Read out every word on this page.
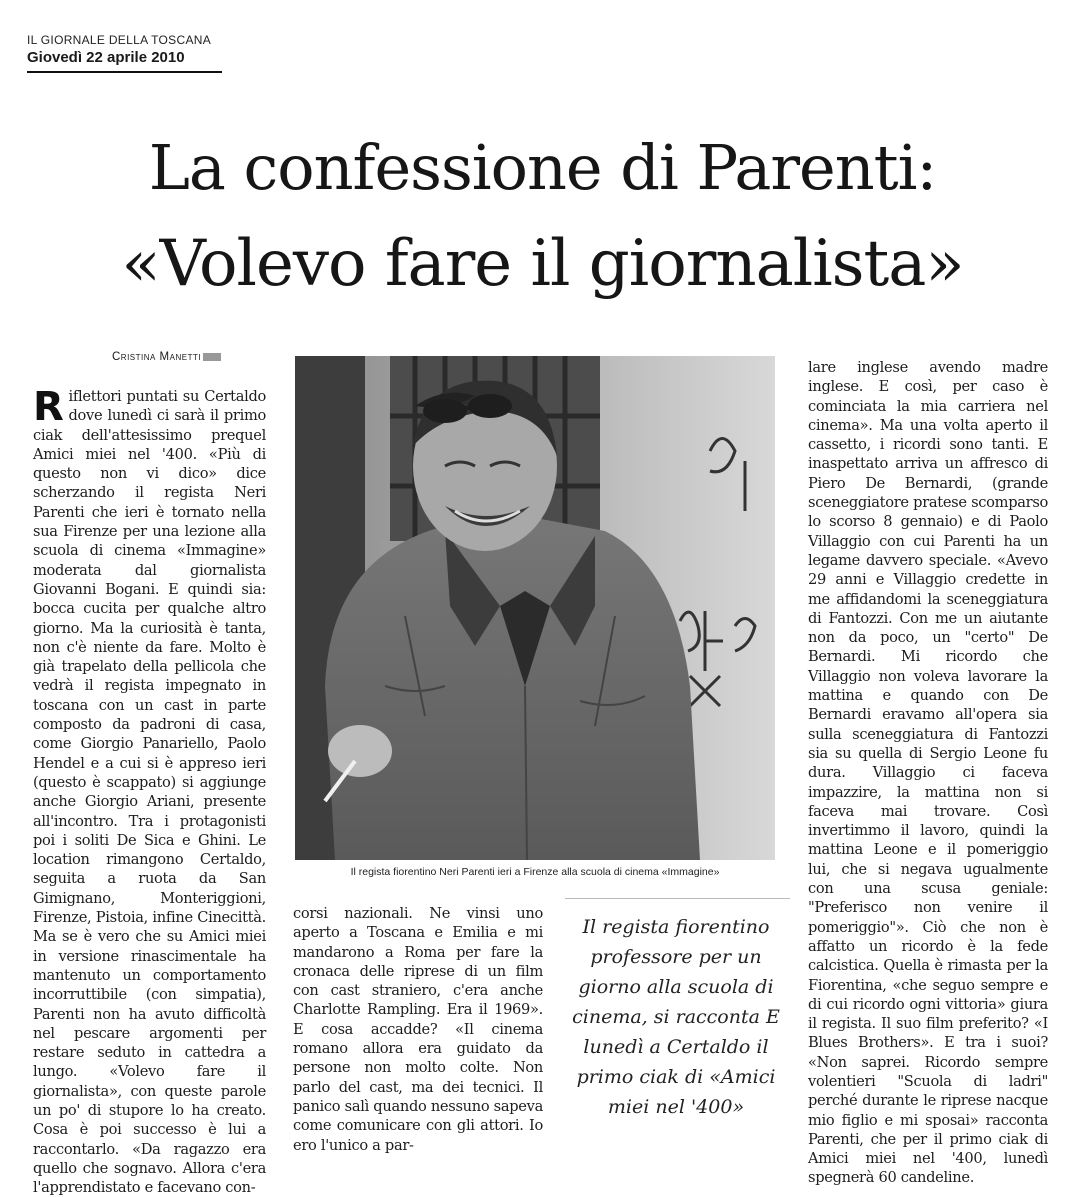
IL GIORNALE DELLA TOSCANA
Giovedì 22 aprile 2010
La confessione di Parenti:
«Volevo fare il giornalista»
Cristina Manetti
Riflettori puntati su Certaldo dove lunedì ci sarà il primo ciak dell'attesissimo prequel Amici miei nel '400. «Più di questo non vi dico» dice scherzando il regista Neri Parenti che ieri è tornato nella sua Firenze per una lezione alla scuola di cinema «Immagine» moderata dal giornalista Giovanni Bogani. E quindi sia: bocca cucita per qualche altro giorno. Ma la curiosità è tanta, non c'è niente da fare. Molto è già trapelato della pellicola che vedrà il regista impegnato in toscana con un cast in parte composto da padroni di casa, come Giorgio Panariello, Paolo Hendel e a cui si è appreso ieri (questo è scappato) si aggiunge anche Giorgio Ariani, presente all'incontro. Tra i protagonisti poi i soliti De Sica e Ghini. Le location rimangono Certaldo, seguita a ruota da San Gimignano, Monteriggioni, Firenze, Pistoia, infine Cinecittà. Ma se è vero che su Amici miei in versione rinascimentale ha mantenuto un comportamento incorruttibile (con simpatia), Parenti non ha avuto difficoltà nel pescare argomenti per restare seduto in cattedra a lungo. «Volevo fare il giornalista», con queste parole un po' di stupore lo ha creato. Cosa è poi successo è lui a raccontarlo. «Da ragazzo era quello che sognavo. Allora c'era l'apprendistato e facevano con-
Il regista fiorentino Neri Parenti ieri a Firenze alla scuola di cinema «Immagine»
corsi nazionali. Ne vinsi uno aperto a Toscana e Emilia e mi mandarono a Roma per fare la cronaca delle riprese di un film con cast straniero, c'era anche Charlotte Rampling. Era il 1969». E cosa accadde? «Il cinema romano allora era guidato da persone non molto colte. Non parlo del cast, ma dei tecnici. Il panico salì quando nessuno sapeva come comunicare con gli attori. Io ero l'unico a par-
Il regista fiorentino professore per un giorno alla scuola di cinema, si racconta E lunedì a Certaldo il primo ciak di «Amici miei nel '400»
lare inglese avendo madre inglese. E così, per caso è cominciata la mia carriera nel cinema». Ma una volta aperto il cassetto, i ricordi sono tanti. E inaspettato arriva un affresco di Piero De Bernardi, (grande sceneggiatore pratese scomparso lo scorso 8 gennaio) e di Paolo Villaggio con cui Parenti ha un legame davvero speciale. «Avevo 29 anni e Villaggio credette in me affidandomi la sceneggiatura di Fantozzi. Con me un aiutante non da poco, un "certo" De Bernardi. Mi ricordo che Villaggio non voleva lavorare la mattina e quando con De Bernardi eravamo all'opera sia sulla sceneggiatura di Fantozzi sia su quella di Sergio Leone fu dura. Villaggio ci faceva impazzire, la mattina non si faceva mai trovare. Così invertimmo il lavoro, quindi la mattina Leone e il pomeriggio lui, che si negava ugualmente con una scusa geniale: "Preferisco non venire il pomeriggio"». Ciò che non è affatto un ricordo è la fede calcistica. Quella è rimasta per la Fiorentina, «che seguo sempre e di cui ricordo ogni vittoria» giura il regista. Il suo film preferito? «I Blues Brothers». E tra i suoi? «Non saprei. Ricordo sempre volentieri "Scuola di ladri" perché durante le riprese nacque mio figlio e mi sposai» racconta Parenti, che per il primo ciak di Amici miei nel '400, lunedì spegnerà 60 candeline.
